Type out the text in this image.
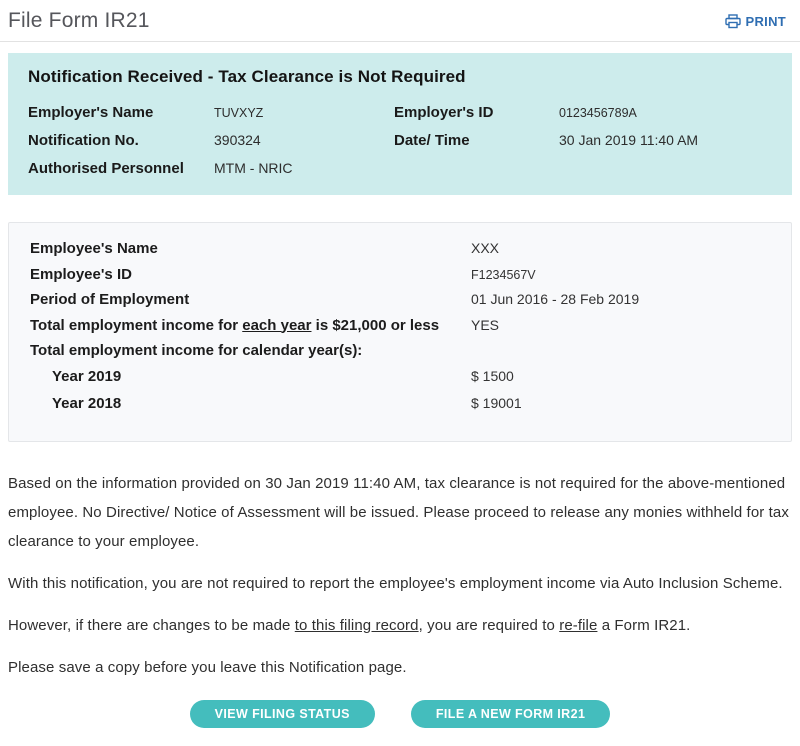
File Form IR21	PRINT
Notification Received - Tax Clearance is Not Required
Employer's Name	TUVXYZ	Employer's ID	0123456789A
Notification No.	390324	Date/ Time	30 Jan 2019 11:40 AM
Authorised Personnel	MTM - NRIC
Employee's Name	XXX
Employee's ID	F1234567V
Period of Employment	01 Jun 2016 - 28 Feb 2019
Total employment income for each year is $21,000 or less	YES
Total employment income for calendar year(s):
Year 2019	$ 1500
Year 2018	$ 19001

Based on the information provided on 30 Jan 2019 11:40 AM, tax clearance is not required for the above-mentioned employee. No Directive/ Notice of Assessment will be issued. Please proceed to release any monies withheld for tax clearance to your employee.

With this notification, you are not required to report the employee's employment income via Auto Inclusion Scheme.

However, if there are changes to be made to this filing record, you are required to re-file a Form IR21.

Please save a copy before you leave this Notification page.

VIEW FILING STATUS	FILE A NEW FORM IR21
